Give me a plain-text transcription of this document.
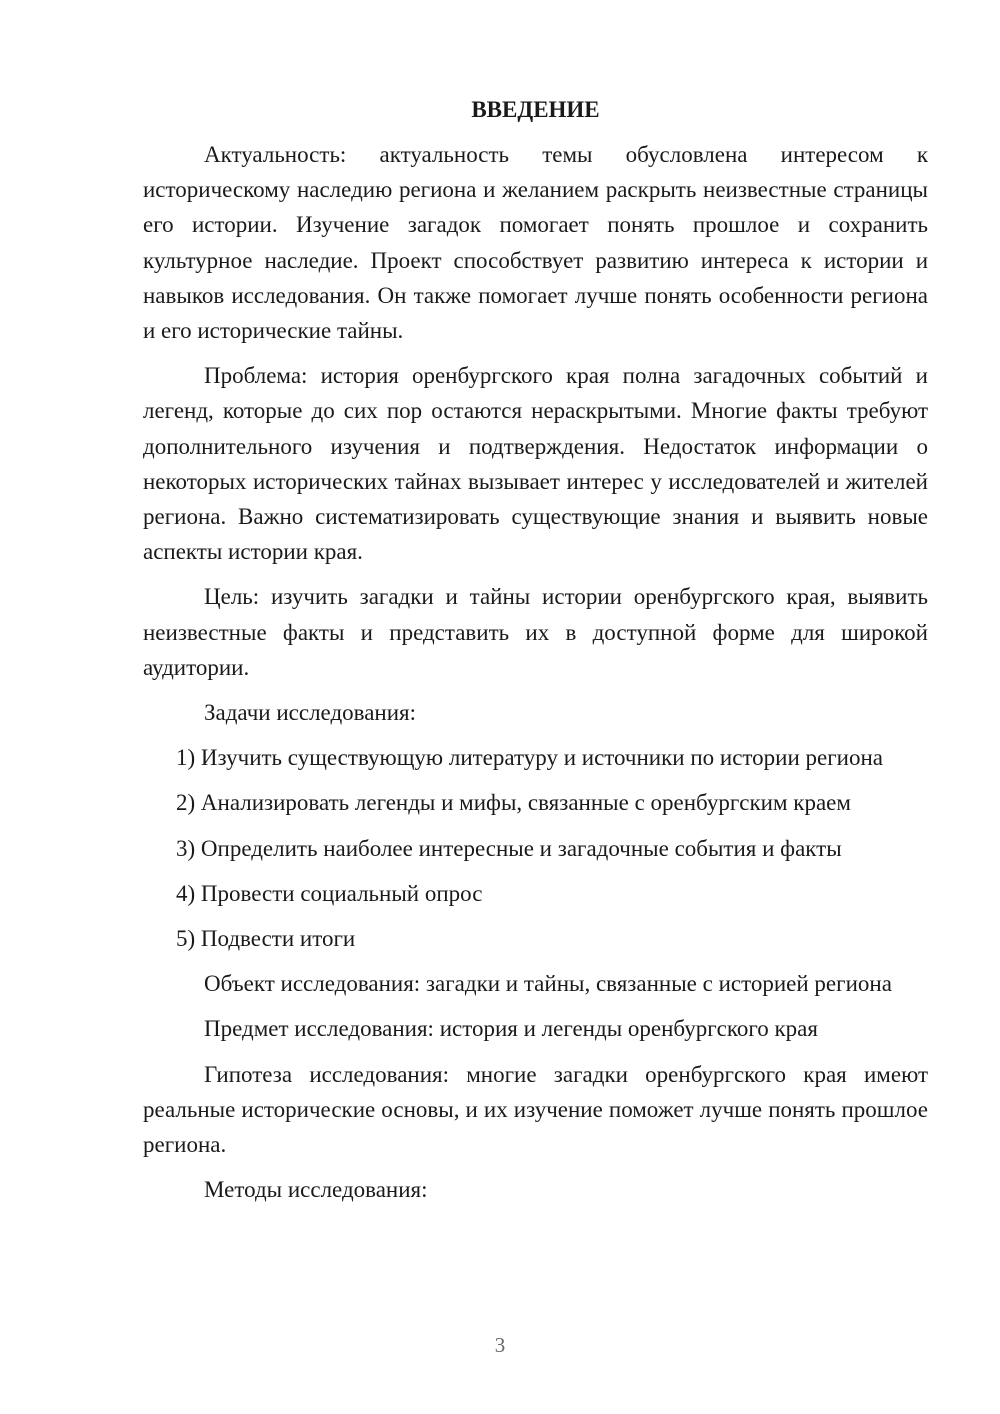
ВВЕДЕНИЕ

Актуальность: актуальность темы обусловлена интересом к историческому наследию региона и желанием раскрыть неизвестные страницы его истории. Изучение загадок помогает понять прошлое и сохранить культурное наследие. Проект способствует развитию интереса к истории и навыков исследования. Он также помогает лучше понять особенности региона и его исторические тайны.

Проблема: история оренбургского края полна загадочных событий и легенд, которые до сих пор остаются нераскрытыми. Многие факты требуют дополнительного изучения и подтверждения. Недостаток информации о некоторых исторических тайнах вызывает интерес у исследователей и жителей региона. Важно систематизировать существующие знания и выявить новые аспекты истории края.

Цель: изучить загадки и тайны истории оренбургского края, выявить неизвестные факты и представить их в доступной форме для широкой аудитории.

Задачи исследования:

1) Изучить существующую литературу и источники по истории региона

2) Анализировать легенды и мифы, связанные с оренбургским краем

3) Определить наиболее интересные и загадочные события и факты

4) Провести социальный опрос

5) Подвести итоги

Объект исследования: загадки и тайны, связанные с историей региона

Предмет исследования: история и легенды оренбургского края

Гипотеза исследования: многие загадки оренбургского края имеют реальные исторические основы, и их изучение поможет лучше понять прошлое региона.

Методы исследования:

3
